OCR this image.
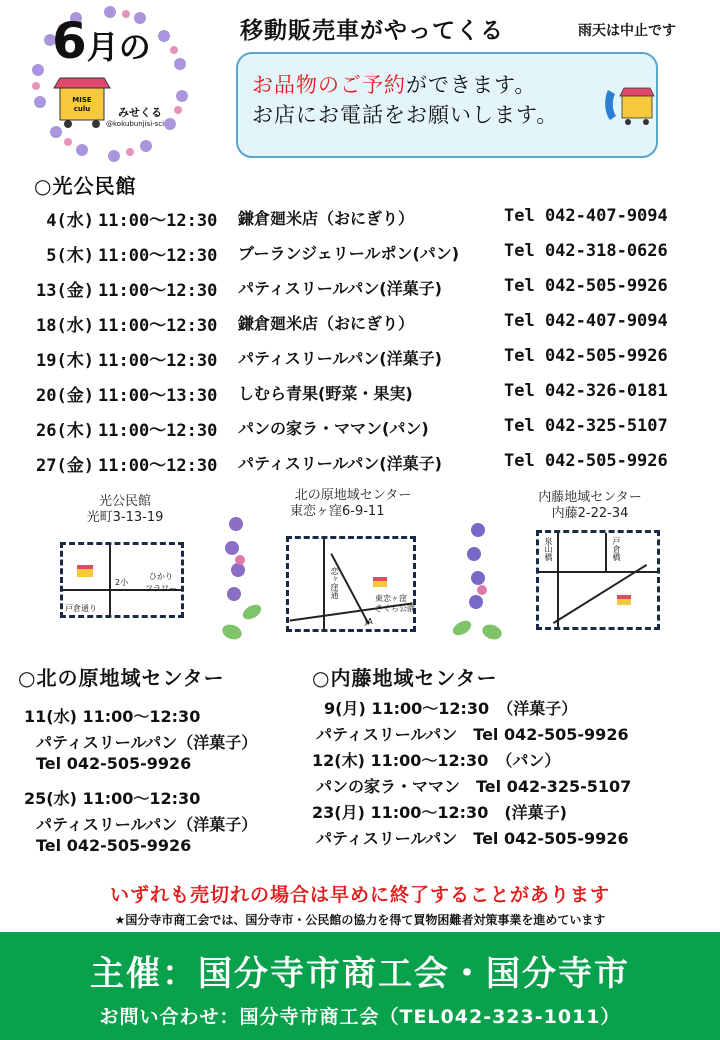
6月の
みせくる
@kokubunjisi-sci
MISE culu
移動販売車がやってくる	雨天は中止です
お品物のご予約ができます。
お店にお電話をお願いします。
○光公民館
4(水) 11:00〜12:30 鎌倉廻米店（おにぎり）	Tel 042-407-9094
5(木) 11:00〜12:30 ブーランジェリールポン(パン)	Tel 042-318-0626
13(金) 11:00〜12:30 パティスリールパン(洋菓子)	Tel 042-505-9926
18(水) 11:00〜12:30 鎌倉廻米店（おにぎり）	Tel 042-407-9094
19(木) 11:00〜12:30 パティスリールパン(洋菓子)	Tel 042-505-9926
20(金) 11:00〜13:30 しむら青果(野菜・果実)	Tel 042-326-0181
26(木) 11:00〜12:30 パンの家ラ・ママン(パン)	Tel 042-325-5107
27(金) 11:00〜12:30 パティスリールパン(洋菓子)	Tel 042-505-9926
光公民館
光町3-13-19
2小
ひかり
フラワー
戸倉通り
北の原地域センター
東恋ヶ窪6-9-11
恋ヶ窪通	東恋ヶ窪
さくら公園
JA
内藤地域センター
内藤2-22-34
泉山橋	戸倉橋
○北の原地域センター
11(水) 11:00〜12:30
パティスリールパン（洋菓子）
Tel 042-505-9926
25(水) 11:00〜12:30
パティスリールパン（洋菓子）
Tel 042-505-9926
○内藤地域センター
9(月) 11:00〜12:30　（洋菓子）
パティスリールパン　Tel 042-505-9926
12(木) 11:00〜12:30　（パン）
パンの家ラ・ママン　Tel 042-325-5107
23(月) 11:00〜12:30　(洋菓子)
パティスリールパン　Tel 042-505-9926
いずれも売切れの場合は早めに終了することがあります
★国分寺市商工会では、国分寺市・公民館の協力を得て買物困難者対策事業を進めています
主催：国分寺市商工会・国分寺市
お問い合わせ：国分寺市商工会（TEL042-323-1011）
